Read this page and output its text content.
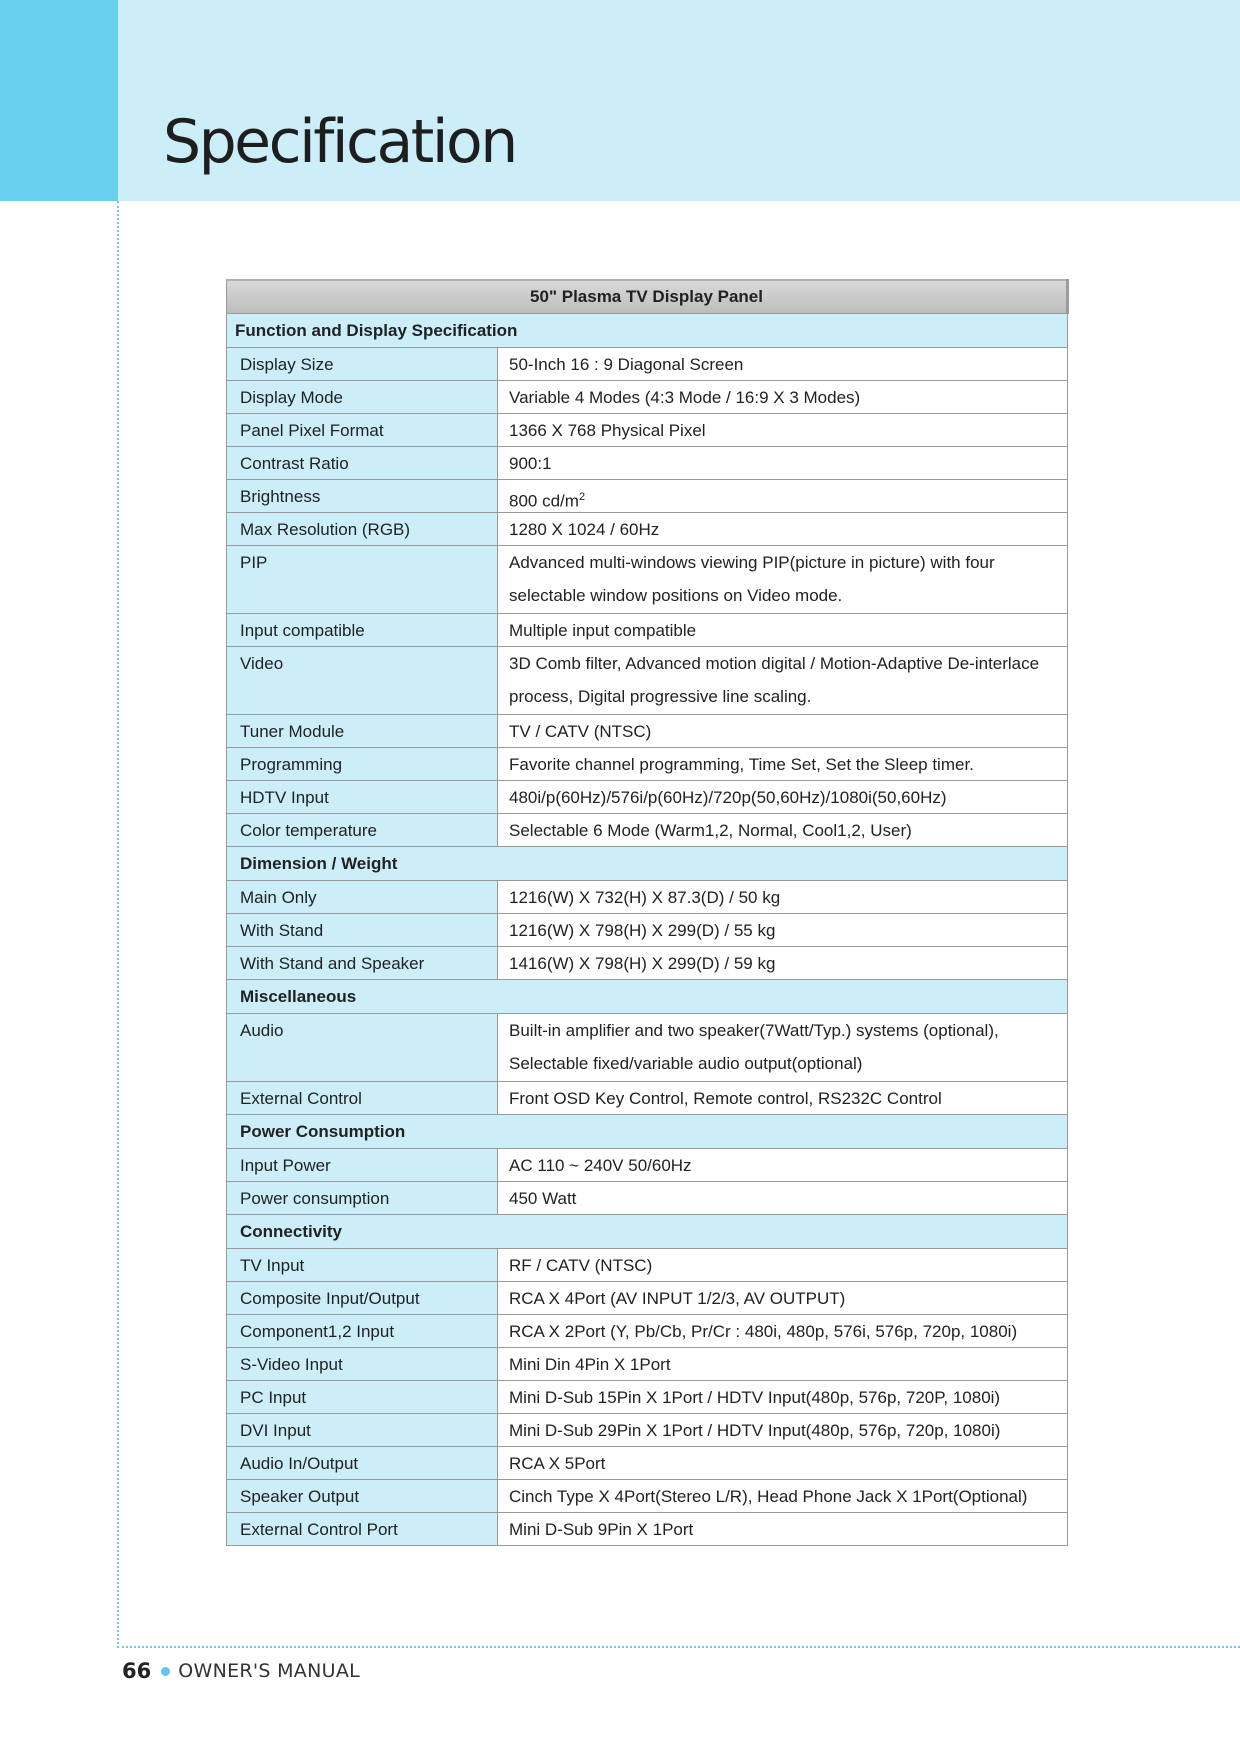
Specification
50" Plasma TV Display Panel	

Function and Display Specification	

Display Size	50-Inch 16 : 9 Diagonal Screen

Display Mode	Variable 4 Modes (4:3 Mode / 16:9 X 3 Modes)

Panel Pixel Format	1366 X 768 Physical Pixel

Contrast Ratio	900:1

Brightness	800 $cd/m^2$

Max Resolution (RGB)	1280 X 1024 / 60Hz

PIP	Advanced multi-windows viewing PIP(picture in picture) with four selectable window positions on Video mode.

Input compatible	Multiple input compatible

Video	3D Comb filter, Advanced motion digital / Motion-Adaptive De-interlace process, Digital progressive line scaling.

Tuner Module	TV / CATV (NTSC)

Programming	Favorite channel programming, Time Set, Set the Sleep timer.

HDTV Input	480i/p(60Hz)/576i/p(60Hz)/720p(50,60Hz)/1080i(50,60Hz)

Color temperature	Selectable 6 Mode (Warm1,2, Normal, Cool1,2, User)

Dimension / Weight	

Main Only	1216(W) X 732(H) X 87.3(D) / 50 kg

With Stand	1216(W) X 798(H) X 299(D) / 55 kg

With Stand and Speaker	1416(W) X 798(H) X 299(D) / 59 kg

Miscellaneous	

Audio	Built-in amplifier and two speaker(7Watt/Typ.) systems (optional), Selectable fixed/variable audio output(optional)

External Control	Front OSD Key Control, Remote control, RS232C Control

Power Consumption	

Input Power	AC 110 ~ 240V 50/60Hz

Power consumption	450 Watt

Connectivity	

TV Input	RF / CATV (NTSC)

Composite Input/Output	RCA X 4Port (AV INPUT 1/2/3, AV OUTPUT)

Component1,2 Input	RCA X 2Port (Y, Pb/Cb, Pr/Cr : 480i, 480p, 576i, 576p, 720p, 1080i)

S-Video Input	Mini Din 4Pin X 1Port

PC Input	Mini D-Sub 15Pin X 1Port / HDTV Input(480p, 576p, 720P, 1080i)

DVI Input	Mini D-Sub 29Pin X 1Port / HDTV Input(480p, 576p, 720p, 1080i)

Audio In/Output	RCA X 5Port

Speaker Output	Cinch Type X 4Port(Stereo L/R), Head Phone Jack X 1Port(Optional)

External Control Port	Mini D-Sub 9Pin X 1Port
66 OWNER'S MANUAL
